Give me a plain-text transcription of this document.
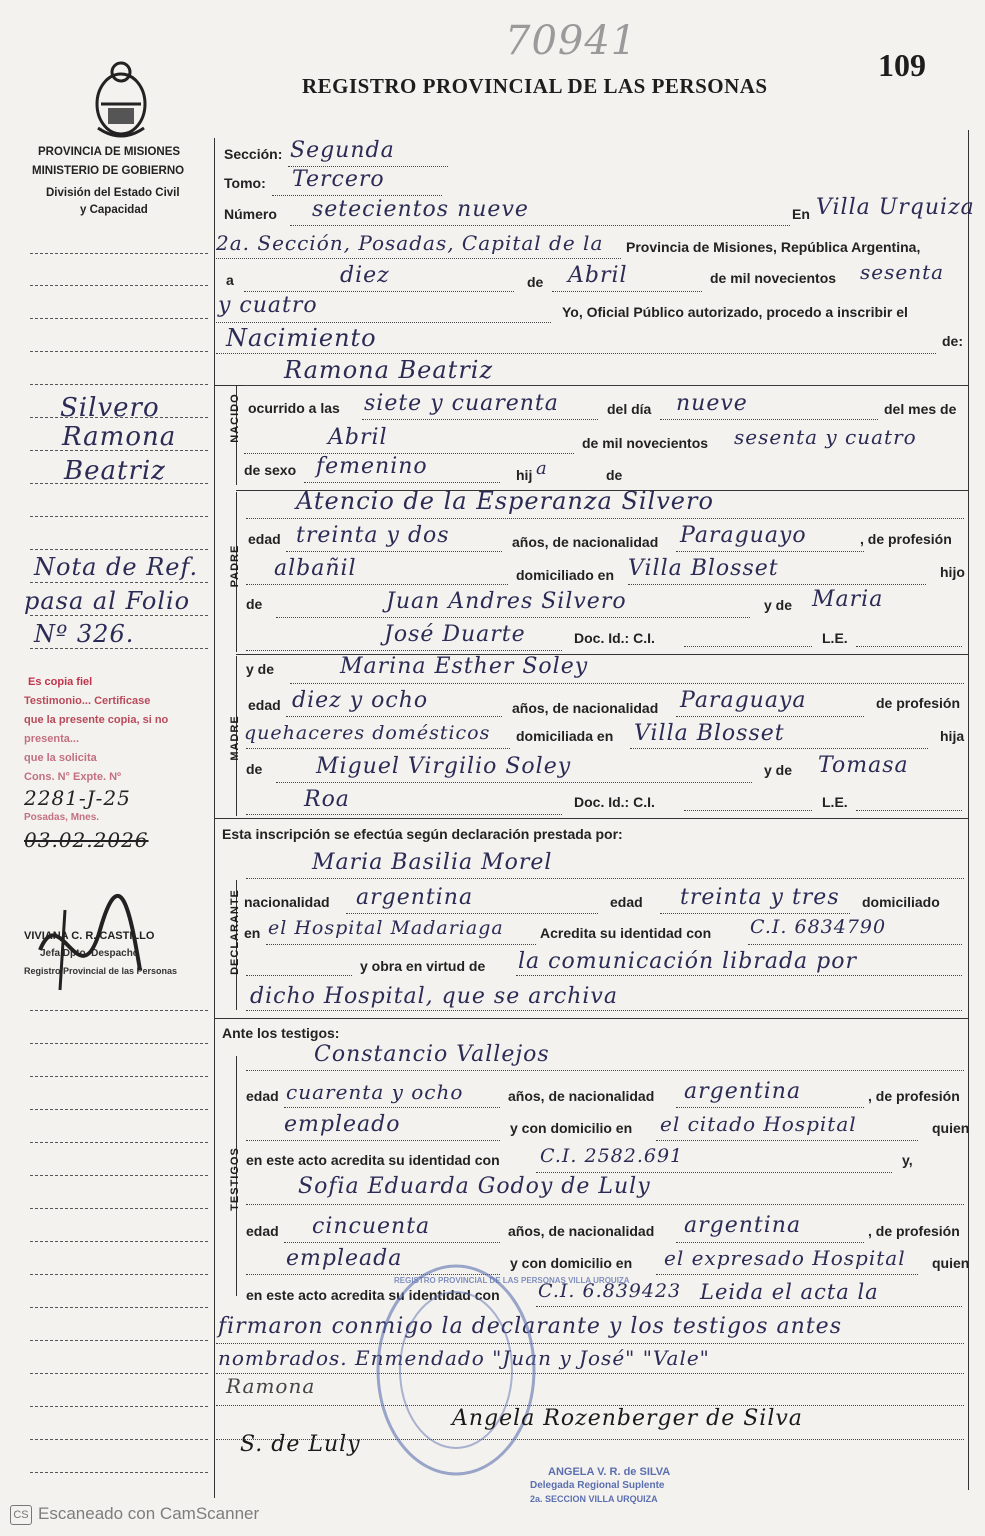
70941
REGISTRO PROVINCIAL DE LAS PERSONAS
109
PROVINCIA DE MISIONES
MINISTERIO DE GOBIERNO
División del Estado Civil
y Capacidad
Silvero
Ramona
Beatriz
Nota de Ref.
pasa al Folio
Nº 326.
Es copia fiel
Testimonio... Certificase
que la presente copia, si no
presenta...
que la solicita
Cons. N° Expte. Nº
2281-J-25
Posadas, Mnes.
03.02.2026
VIVIANA C. R. CASTILLO
Jefa Dpto. Despacho
Registro Provincial de las Personas
NACIDO
PADRE
MADRE
DECLARANTE
TESTIGOS
Sección: Segunda
Tomo: Tercero
Número setecientos nueve	En Villa Urquiza
2a. Sección, Posadas, Capital de la Provincia de Misiones, República Argentina,
a	diez	de Abril	de mil novecientos sesenta
y cuatro	Yo, Oficial Público autorizado, procedo a inscribir el
Nacimiento	de:
Ramona Beatriz
ocurrido a las siete y cuarenta	del día nueve	del mes de
Abril	de mil novecientos sesenta y cuatro
de sexo femenino	hij a	de
Atencio de la Esperanza Silvero
edad treinta y dos	años, de nacionalidad Paraguayo	, de profesión
albañil	domiciliado en Villa Blosset	hijo
de	Juan Andres Silvero	y de Maria
José Duarte	Doc. Id.: C.I.	L.E.
y de	Marina Esther Soley
edad diez y ocho	años, de nacionalidad Paraguaya	de profesión
quehaceres domésticos domiciliada en Villa Blosset	hija
de Miguel Virgilio Soley	y de Tomasa
Roa	Doc. Id.: C.I.	L.E.
Esta inscripción se efectúa según declaración prestada por:
Maria Basilia Morel
nacionalidad argentina	edad treinta y tres domiciliado
en el Hospital Madariaga	Acredita su identidad con C.I. 6834790
y obra en virtud de la comunicación librada por
dicho Hospital, que se archiva
Ante los testigos:
Constancio Vallejos
edad cuarenta y ocho	años, de nacionalidad argentina	, de profesión
empleado	y con domicilio en el citado Hospital	quien
en este acto acredita su identidad con C.I. 2582.691	y,
Sofia Eduarda Godoy de Luly
edad cincuenta	años, de nacionalidad argentina	, de profesión
empleada	y con domicilio en el expresado Hospital quien
en este acto acredita su identidad con C.I. 6.839423 Leida el acta la
firmaron conmigo la declarante y los testigos antes
nombrados. Enmendado "Juan y José" "Vale"
REGISTRO PROVINCIAL DE LAS PERSONAS VILLA URQUIZA
Ramona
Angela Rozenberger de Silva
S. de Luly
ANGELA V. R. de SILVA
Delegada Regional Suplente
2a. SECCION VILLA URQUIZA
CS Escaneado con CamScanner
